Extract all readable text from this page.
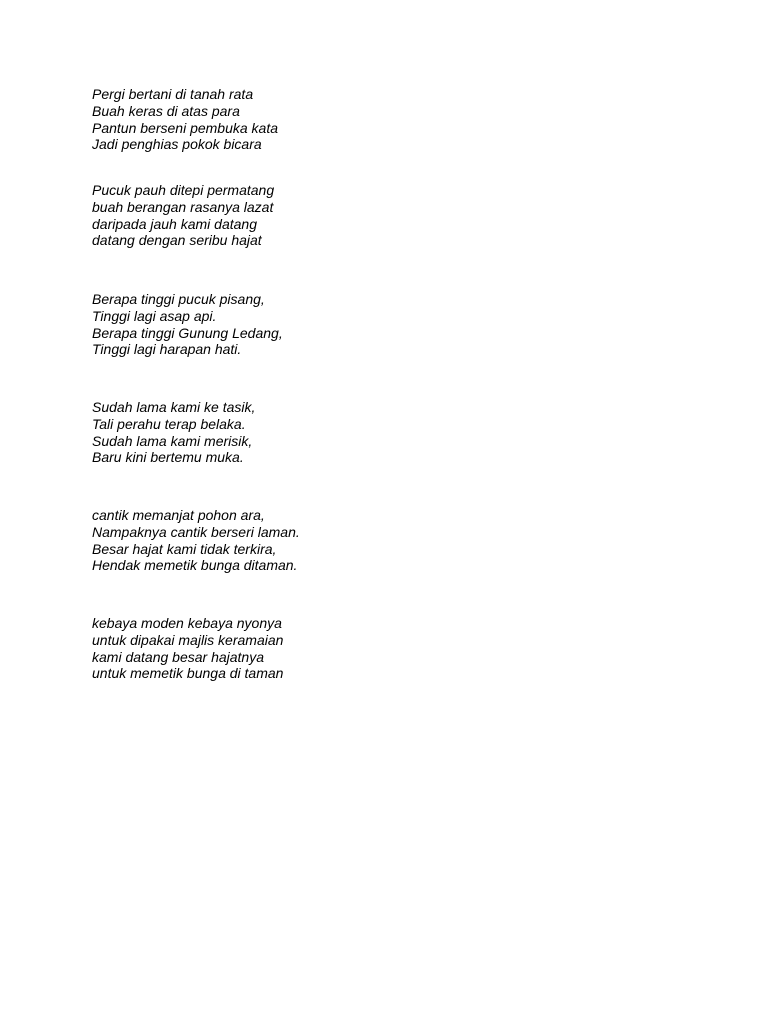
Pergi bertani di tanah rata
Buah keras di atas para
Pantun berseni pembuka kata
Jadi penghias pokok bicara
Pucuk pauh ditepi permatang
buah berangan rasanya lazat
daripada jauh kami datang
datang dengan seribu hajat
Berapa tinggi pucuk pisang,
Tinggi lagi asap api.
Berapa tinggi Gunung Ledang,
Tinggi lagi harapan hati.
Sudah lama kami ke tasik,
Tali perahu terap belaka.
Sudah lama kami merisik,
Baru kini bertemu muka.
cantik memanjat pohon ara,
Nampaknya cantik berseri laman.
Besar hajat kami tidak terkira,
Hendak memetik bunga ditaman.
kebaya moden kebaya nyonya
untuk dipakai majlis keramaian
kami datang besar hajatnya
untuk memetik bunga di taman
